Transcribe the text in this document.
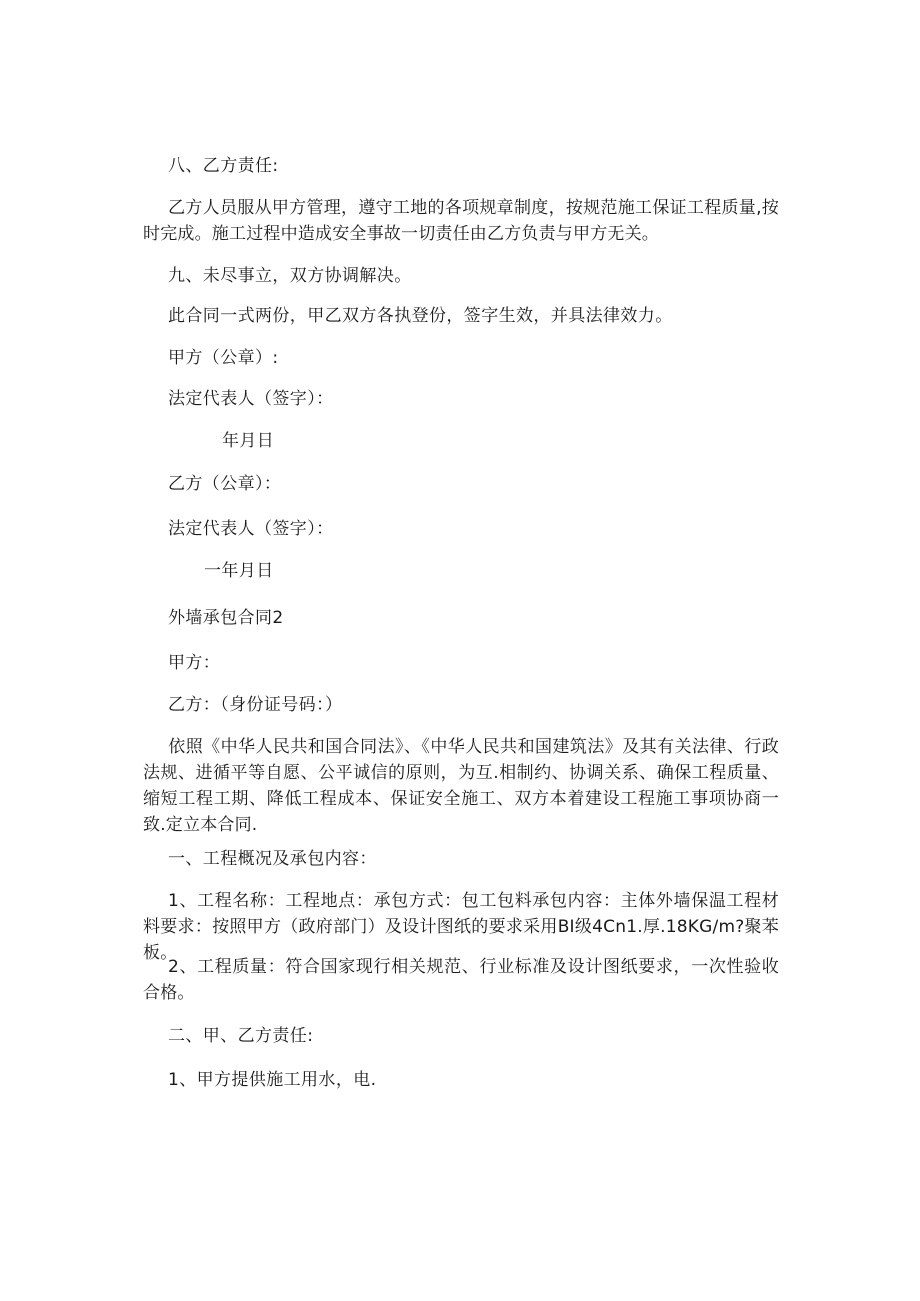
八、乙方责任:
乙方人员服从甲方管理，遵守工地的各项规章制度，按规范施工保证工程质量,按时完成。施工过程中造成安全事故一切责任由乙方负责与甲方无关。
九、未尽事立，双方协调解决。
此合同一式两份，甲乙双方各执登份，签字生效，并具法律效力。
甲方（公章）:
法定代表人（签字）：
年月日
乙方（公章）：
法定代表人（签字）：
一年月日
外墙承包合同2
甲方：
乙方：（身份证号码：）
依照《中华人民共和国合同法》、《中华人民共和国建筑法》及其有关法律、行政法规、进循平等自愿、公平诚信的原则，为互.相制约、协调关系、确保工程质量、缩短工程工期、降低工程成本、保证安全施工、双方本着建设工程施工事项协商一致.定立本合同.
一、工程概况及承包内容：
1、工程名称：工程地点：承包方式：包工包料承包内容：主体外墙保温工程材料要求：按照甲方（政府部门）及设计图纸的要求采用BI级4Cn1.厚.18KG∕m?聚苯板。
2、工程质量：符合国家现行相关规范、行业标准及设计图纸要求，一次性验收合格。
二、甲、乙方责任:
1、甲方提供施工用水，电.
